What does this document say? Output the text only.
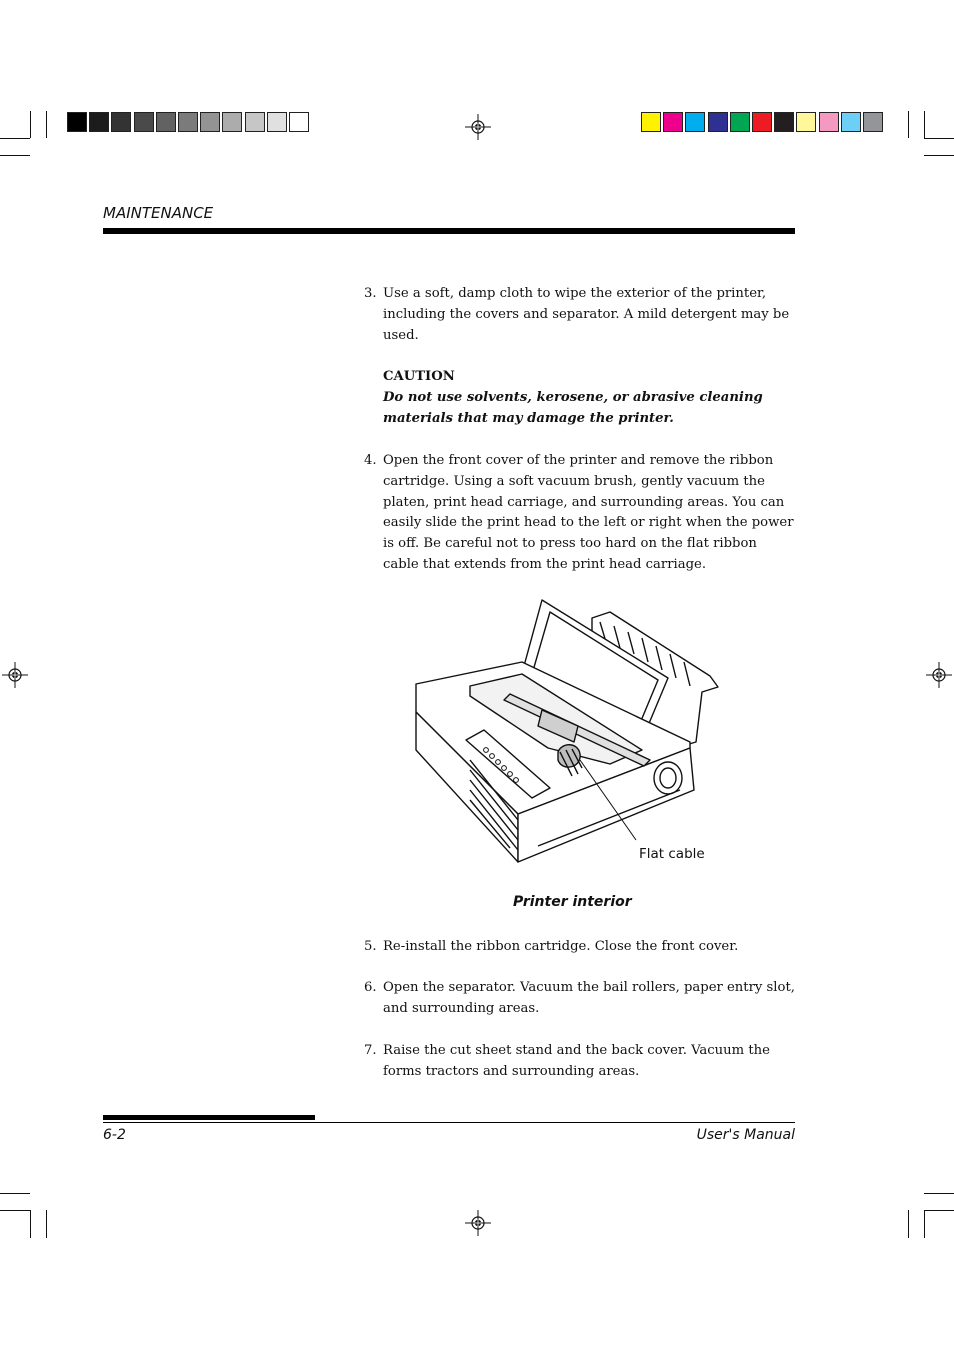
MAINTENANCE
3. Use a soft, damp cloth to wipe the exterior of the printer, including the covers and separator. A mild detergent may be used.
CAUTION
Do not use solvents, kerosene, or abrasive cleaning materials that may damage the printer.
4. Open the front cover of the printer and remove the ribbon cartridge. Using a soft vacuum brush, gently vacuum the platen, print head carriage, and surrounding areas. You can easily slide the print head to the left or right when the power is off. Be careful not to press too hard on the flat ribbon cable that extends from the print head carriage.
Flat cable
Printer interior
5. Re-install the ribbon cartridge. Close the front cover.
6. Open the separator. Vacuum the bail rollers, paper entry slot, and surrounding areas.
7. Raise the cut sheet stand and the back cover. Vacuum the forms tractors and surrounding areas.
6-2	User's Manual
